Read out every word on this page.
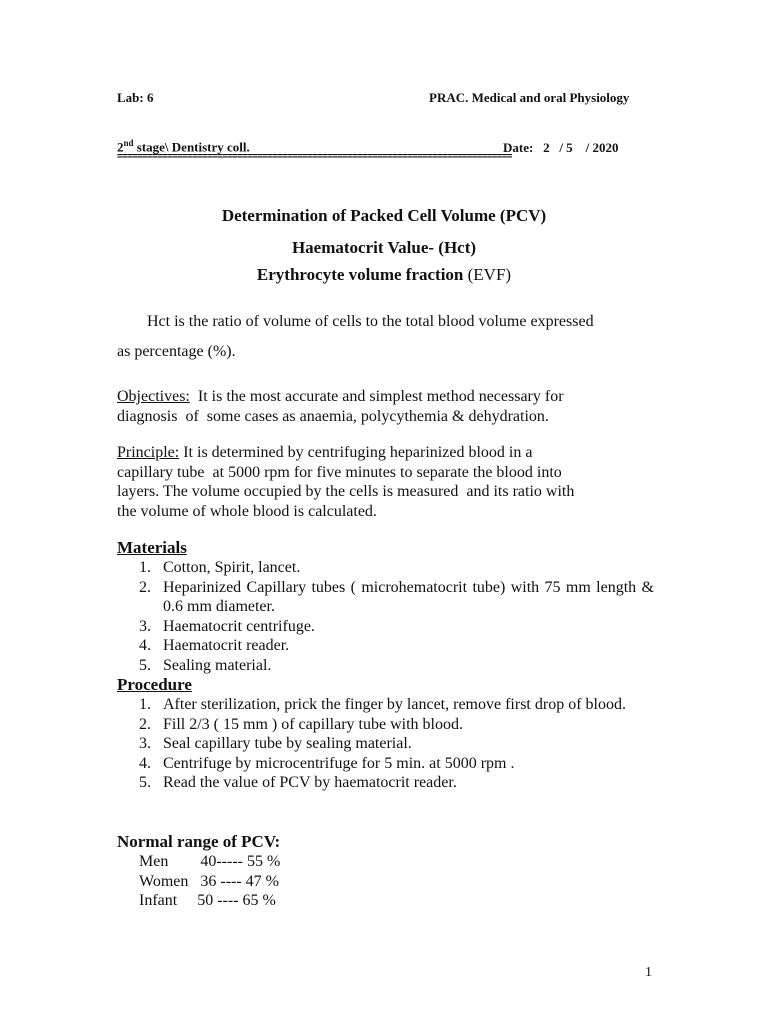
Lab: 6	PRAC. Medical and oral Physiology
2nd stage\ Dentistry coll.	Date:   2   / 5    / 2020
===============================================================================
Determination of Packed Cell Volume (PCV)
Haematocrit Value- (Hct)
Erythrocyte volume fraction (EVF)
Hct is the ratio of volume of cells to the total blood volume expressed
as percentage (%).
Objectives:  It is the most accurate and simplest method necessary for
diagnosis  of  some cases as anaemia, polycythemia & dehydration.
Principle: It is determined by centrifuging heparinized blood in a
capillary tube  at 5000 rpm for five minutes to separate the blood into
layers. The volume occupied by the cells is measured  and its ratio with
the volume of whole blood is calculated.
Materials
1. Cotton, Spirit, lancet.
2. Heparinized Capillary tubes ( microhematocrit tube) with 75 mm length & 0.6 mm diameter.
3. Haematocrit centrifuge.
4. Haematocrit reader.
5. Sealing material.
Procedure
1. After sterilization, prick the finger by lancet, remove first drop of blood.
2. Fill 2/3 ( 15 mm ) of capillary tube with blood.
3. Seal capillary tube by sealing material.
4. Centrifuge by microcentrifuge for 5 min. at 5000 rpm .
5. Read the value of PCV by haematocrit reader.
Normal range of PCV:
Men        40----- 55 %
Women   36 ---- 47 %
Infant     50 ---- 65 %
1
